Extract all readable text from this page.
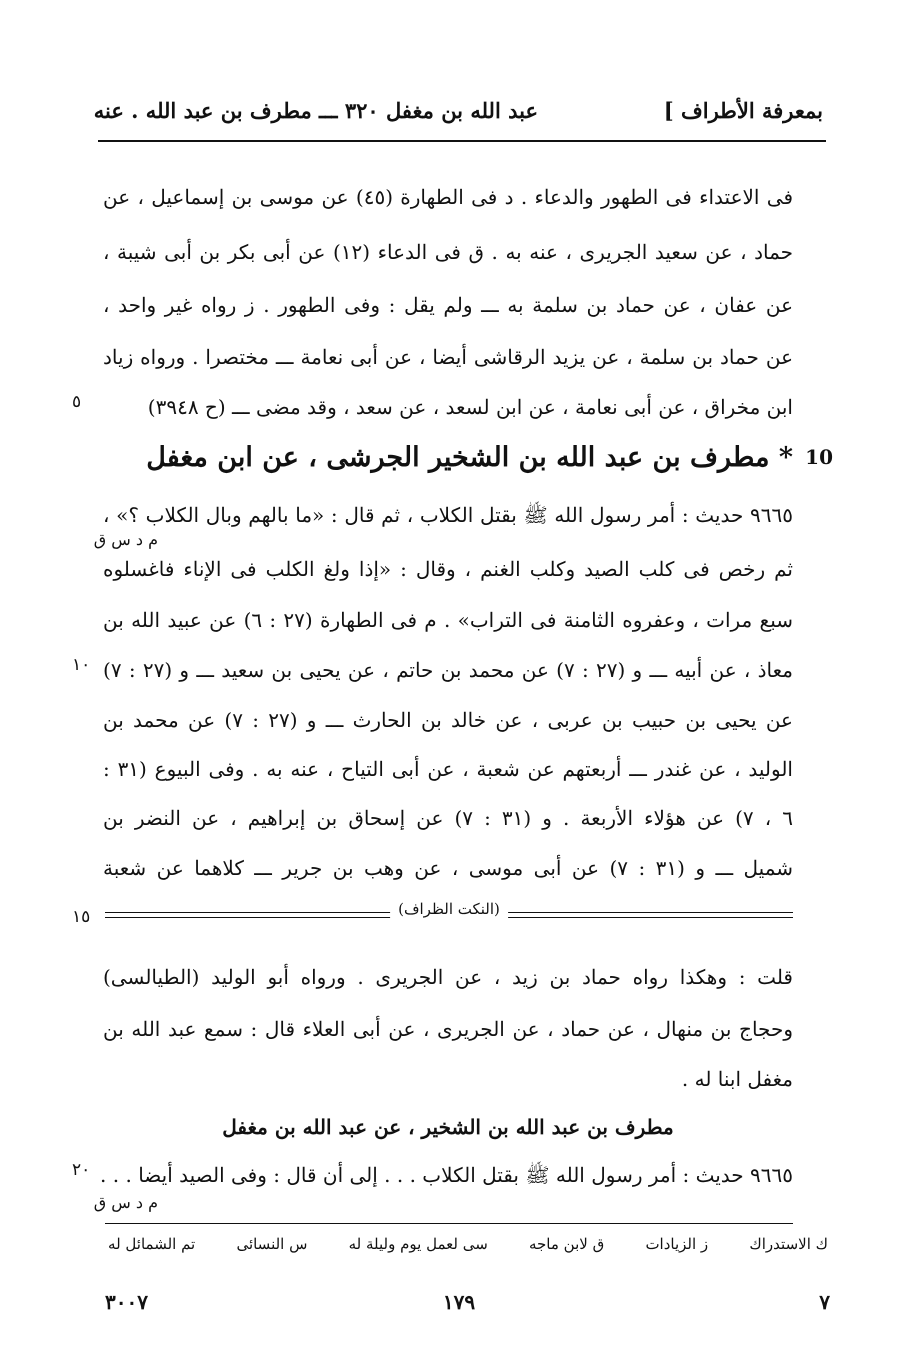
بمعرفة الأطراف ]
عبد الله بن مغفل ٣٢٠ ـــ مطرف بن عبد الله . عنه
فى الاعتداء فى الطهور والدعاء . د فى الطهارة (٤٥) عن موسى بن إسماعيل ، عن
حماد ، عن سعيد الجريرى ، عنه به . ق فى الدعاء (١٢) عن أبى بكر بن أبى شيبة ،
عن عفان ، عن حماد بن سلمة به ـــ ولم يقل : وفى الطهور . ز رواه غير واحد ،
عن حماد بن سلمة ، عن يزيد الرقاشى أيضا ، عن أبى نعامة ـــ مختصرا . ورواه زياد
ابن مخراق ، عن أبى نعامة ، عن ابن لسعد ، عن سعد ، وقد مضى ـــ (ح ٣٩٤٨)
٥
10
* مطرف بن عبد الله بن الشخير الجرشى ، عن ابن مغفل
٩٦٦٥ حديث : أمر رسول الله ﷺ بقتل الكلاب ، ثم قال : «ما بالهم وبال الكلاب ؟» ،
م د س ق
ثم رخص فى كلب الصيد وكلب الغنم ، وقال : «إذا ولغ الكلب فى الإناء فاغسلوه
سبع مرات ، وعفروه الثامنة فى التراب» . م فى الطهارة (٢٧ : ٦) عن عبيد الله بن
معاذ ، عن أبيه ـــ و (٢٧ : ٧) عن محمد بن حاتم ، عن يحيى بن سعيد ـــ و (٢٧ : ٧)
١٠
عن يحيى بن حبيب بن عربى ، عن خالد بن الحارث ـــ و (٢٧ : ٧) عن محمد بن
الوليد ، عن غندر ـــ أربعتهم عن شعبة ، عن أبى التياح ، عنه به . وفى البيوع (٣١ :
٦ ، ٧) عن هؤلاء الأربعة . و (٣١ : ٧) عن إسحاق بن إبراهيم ، عن النضر بن
شميل ـــ و (٣١ : ٧) عن أبى موسى ، عن وهب بن جرير ـــ كلاهما عن شعبة
(النكت الظراف)
١٥
قلت : وهكذا رواه حماد بن زيد ، عن الجريرى . ورواه أبو الوليد (الطيالسى)
وحجاج بن منهال ، عن حماد ، عن الجريرى ، عن أبى العلاء قال : سمع عبد الله بن
مغفل ابنا له .
مطرف بن عبد الله بن الشخير ، عن عبد الله بن مغفل
٩٦٦٥ حديث : أمر رسول الله ﷺ بقتل الكلاب . . . إلى أن قال : وفى الصيد أيضا . . .
٢٠
م د س ق
تم الشمائل له	س النسائى	سى لعمل يوم وليلة له	ق لابن ماجه	ز الزيادات	ك الاستدراك
٧
١٧٩
٣٠٠٧
